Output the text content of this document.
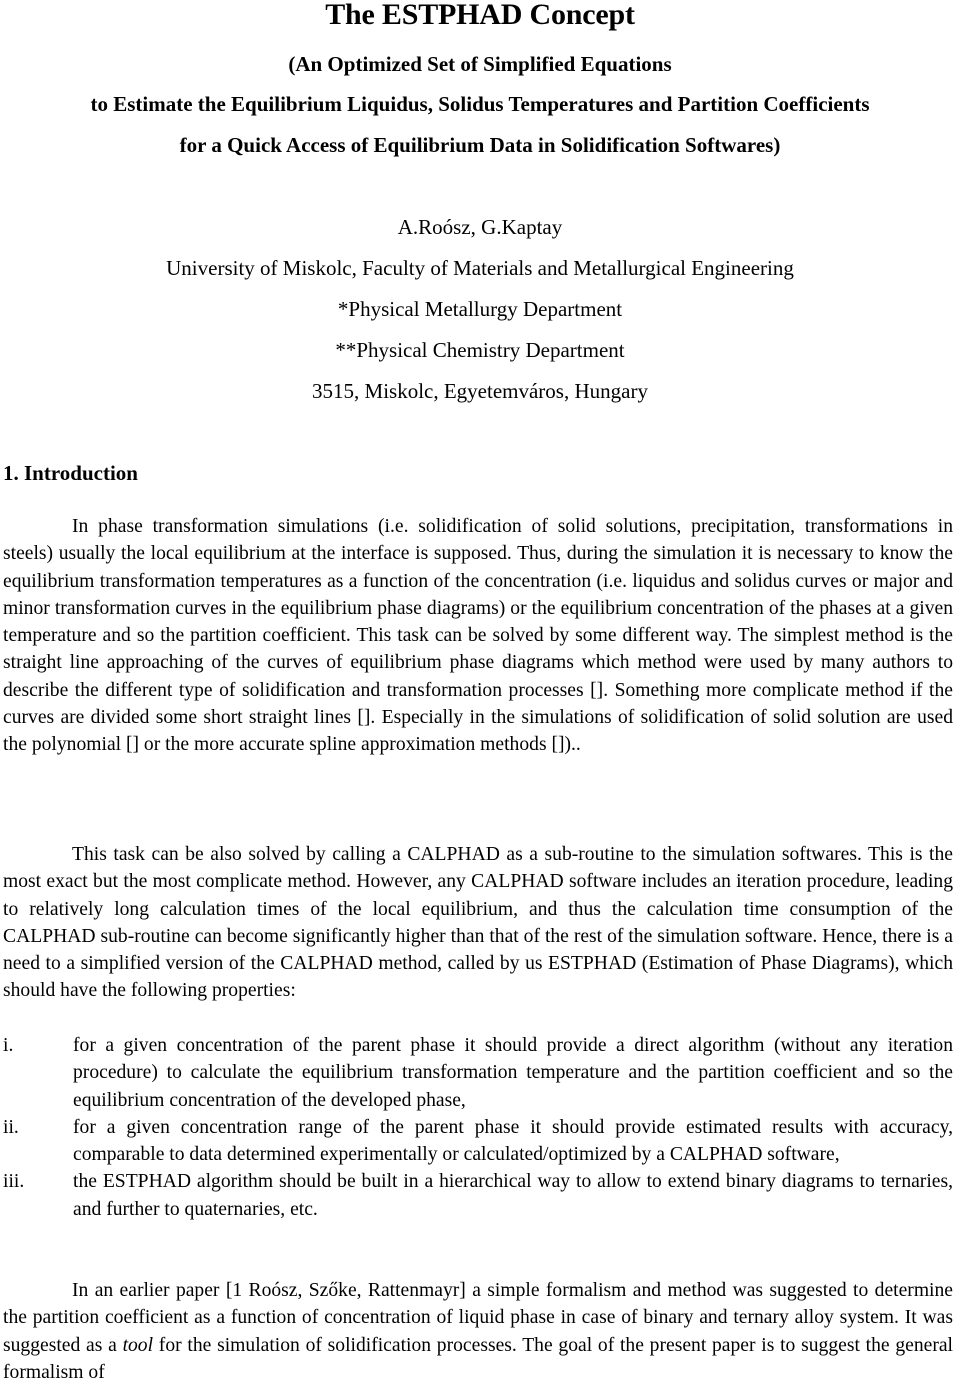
The ESTPHAD Concept
(An Optimized Set of Simplified Equations
to Estimate the Equilibrium Liquidus, Solidus Temperatures and Partition Coefficients
for a Quick Access of Equilibrium Data in Solidification Softwares)
A.Roósz, G.Kaptay
University of Miskolc, Faculty of Materials and Metallurgical Engineering
*Physical Metallurgy Department
**Physical Chemistry Department
3515, Miskolc, Egyetemváros, Hungary
1. Introduction

In phase transformation simulations (i.e. solidification of solid solutions, precipitation, transformations in steels) usually the local equilibrium at the interface is supposed. Thus, during the simulation it is necessary to know the equilibrium transformation temperatures as a function of the concentration (i.e. liquidus and solidus curves or major and minor transformation curves in the equilibrium phase diagrams) or the equilibrium concentration of the phases at a given temperature and so the partition coefficient. This task can be solved by some different way. The simplest method is the straight line approaching of the curves of equilibrium phase diagrams which method were used by many authors to describe the different type of solidification and transformation processes []. Something more complicate method if the curves are divided some short straight lines []. Especially in the simulations of solidification of solid solution are used the polynomial [] or the more accurate spline approximation methods [])..

This task can be also solved by calling a CALPHAD as a sub-routine to the simulation softwares. This is the most exact but the most complicate method. However, any CALPHAD software includes an iteration procedure, leading to relatively long calculation times of the local equilibrium, and thus the calculation time consumption of the CALPHAD sub-routine can become significantly higher than that of the rest of the simulation software. Hence, there is a need to a simplified version of the CALPHAD method, called by us ESTPHAD (Estimation of Phase Diagrams), which should have the following properties:

i.	for a given concentration of the parent phase it should provide a direct algorithm (without any iteration procedure) to calculate the equilibrium transformation temperature and the partition coefficient and so the equilibrium concentration of the developed phase,
ii.	for a given concentration range of the parent phase it should provide estimated results with accuracy, comparable to data determined experimentally or calculated/optimized by a CALPHAD software,
iii. the ESTPHAD algorithm should be built in a hierarchical way to allow to extend binary diagrams to ternaries, and further to quaternaries, etc.

In an earlier paper [1 Roósz, Szőke, Rattenmayr] a simple formalism and method was suggested to determine the partition coefficient as a function of concentration of liquid phase in case of binary and ternary alloy system. It was suggested as a tool for the simulation of solidification processes. The goal of the present paper is to suggest the general formalism of
